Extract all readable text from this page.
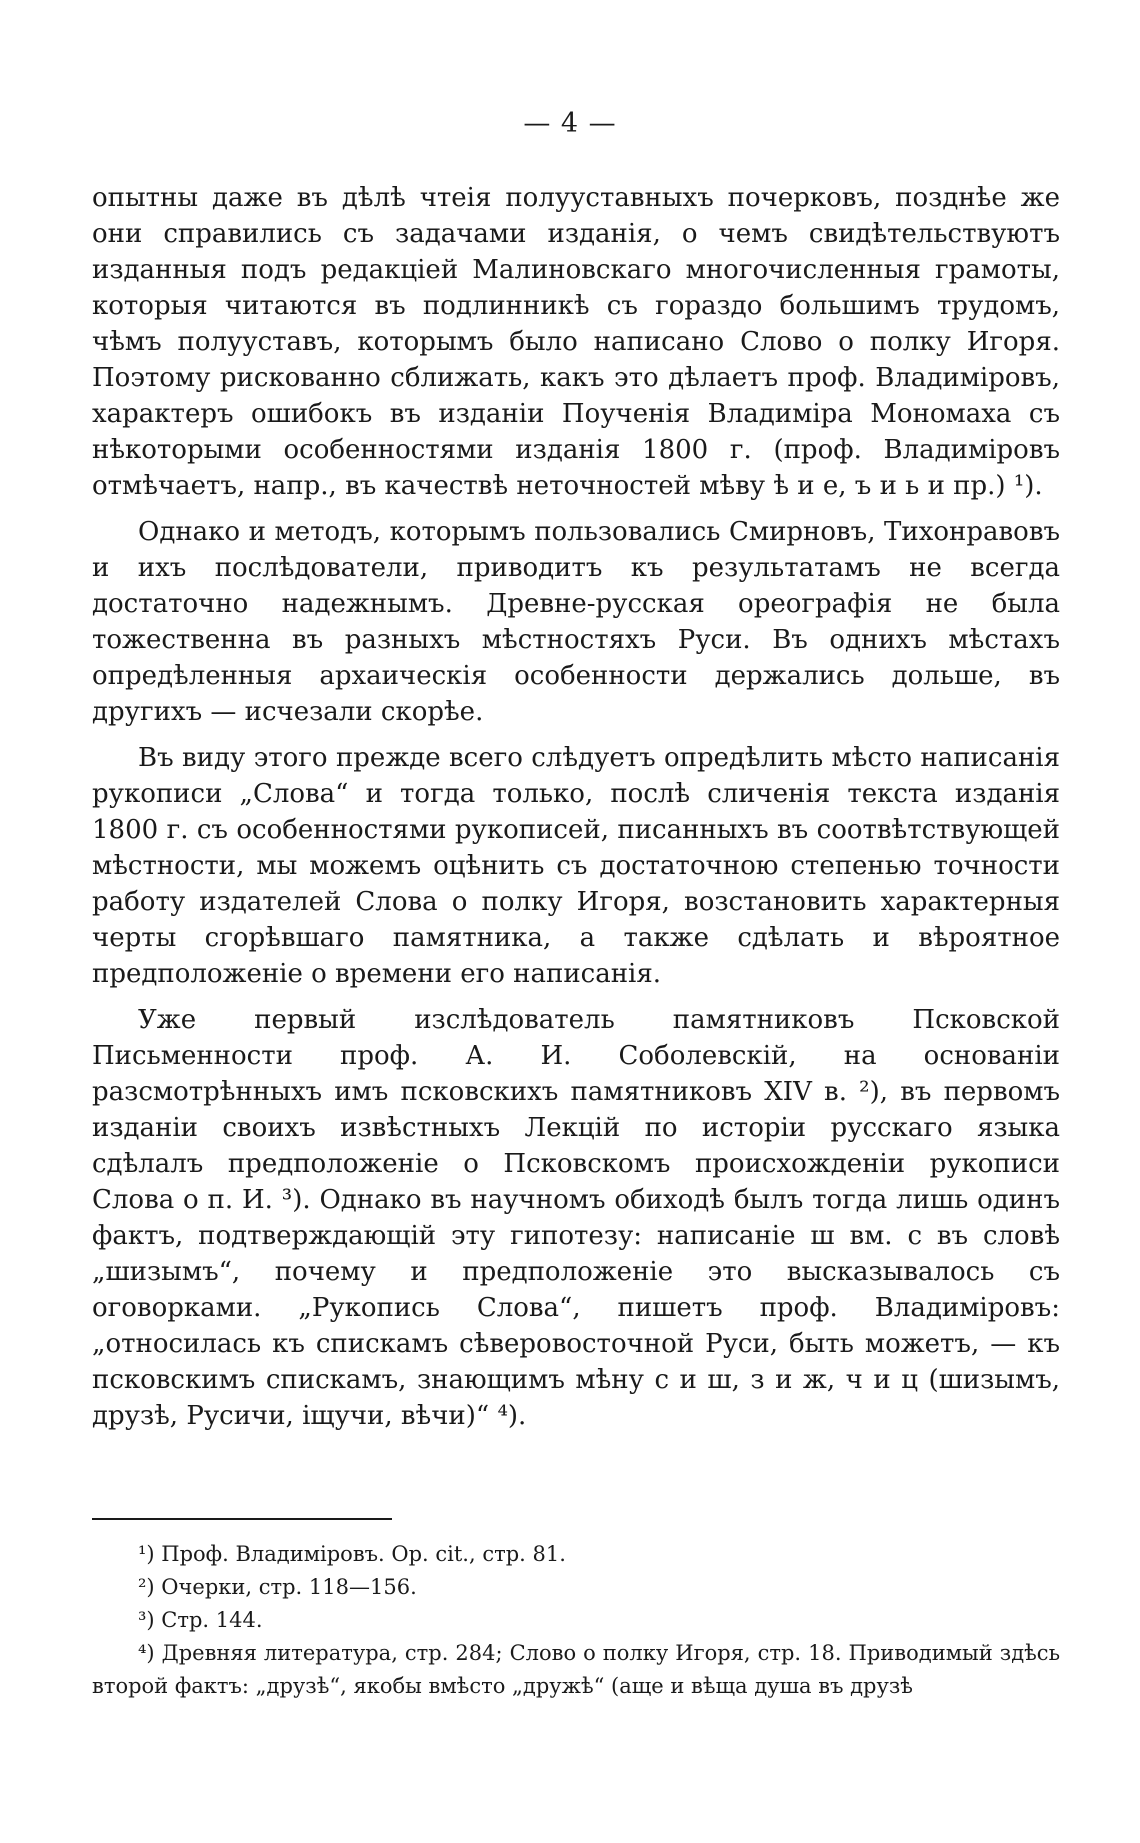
— 4 —

опытны даже въ дѣлѣ чтеія полууставныхъ почерковъ, позднѣе же они справились съ задачами изданія, о чемъ свидѣтельствуютъ изданныя подъ редакціей Малиновскаго многочисленныя грамоты, которыя читаются въ подлинникѣ съ гораздо большимъ трудомъ, чѣмъ полууставъ, которымъ было написано Слово о полку Игоря. Поэтому рискованно сближать, какъ это дѣлаетъ проф. Владиміровъ, характеръ ошибокъ въ изданіи Поученія Владиміра Мономаха съ нѣкоторыми особенностями изданія 1800 г. (проф. Владиміровъ отмѣчаетъ, напр., въ качествѣ неточностей мѣву ѣ и е, ъ и ь и пр.) ¹).

Однако и методъ, которымъ пользовались Смирновъ, Тихонравовъ и ихъ послѣдователи, приводитъ къ результатамъ не всегда достаточно надежнымъ. Древне-русская ореографія не была тожественна въ разныхъ мѣстностяхъ Руси. Въ однихъ мѣстахъ опредѣленныя архаическія особенности держались дольше, въ другихъ — исчезали скорѣе.

Въ виду этого прежде всего слѣдуетъ опредѣлить мѣсто написанія рукописи „Слова“ и тогда только, послѣ сличенія текста изданія 1800 г. съ особенностями рукописей, писанныхъ въ соотвѣтствующей мѣстности, мы можемъ оцѣнить съ достаточною степенью точности работу издателей Слова о полку Игоря, возстановить характерныя черты сгорѣвшаго памятника, а также сдѣлать и вѣроятное предположеніе о времени его написанія.

Уже первый изслѣдователь памятниковъ Псковской Письменности проф. А. И. Соболевскій, на основаніи разсмотрѣнныхъ имъ псковскихъ памятниковъ XIV в. ²), въ первомъ изданіи своихъ извѣстныхъ Лекцій по исторіи русскаго языка сдѣлалъ предположеніе о Псковскомъ происхожденіи рукописи Слова о п. И. ³). Однако въ научномъ обиходѣ былъ тогда лишь одинъ фактъ, подтверждающій эту гипотезу: написаніе ш вм. с въ словѣ „шизымъ“, почему и предположеніе это высказывалось съ оговорками. „Рукопись Слова“, пишетъ проф. Владиміровъ: „относилась къ спискамъ сѣверовосточной Руси, быть можетъ, — къ псковскимъ спискамъ, знающимъ мѣну с и ш, з и ж, ч и ц (шизымъ, друзѣ, Русичи, іщучи, вѣчи)“ ⁴).

¹) Проф. Владиміровъ. Op. cit., стр. 81.

²) Очерки, стр. 118—156.

³) Стр. 144.

⁴) Древняя литература, стр. 284; Слово о полку Игоря, стр. 18. Приводимый здѣсь второй фактъ: „друзѣ“, якобы вмѣсто „дружѣ“ (аще и вѣща душа въ друзѣ
